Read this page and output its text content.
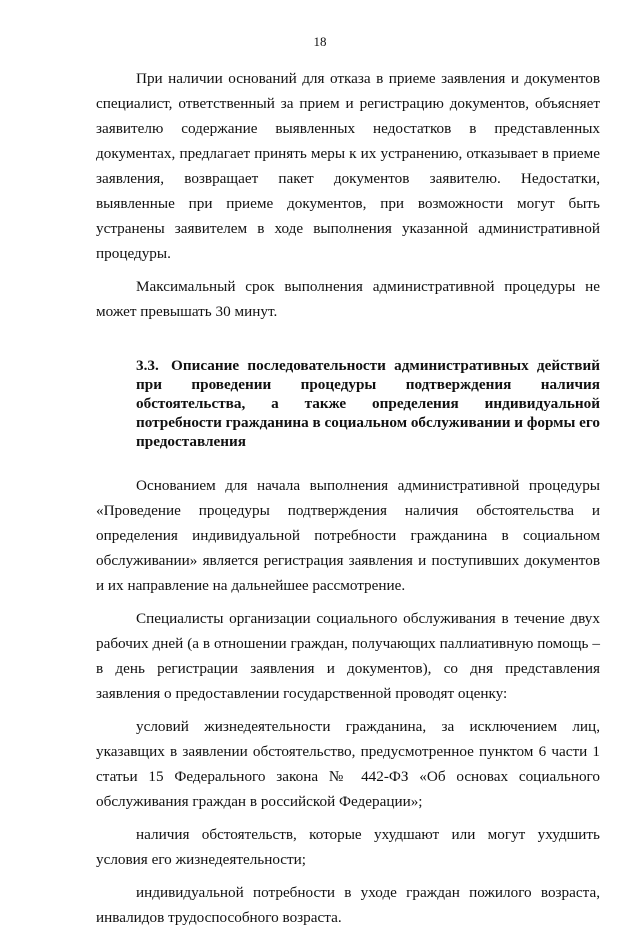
18

При наличии оснований для отказа в приеме заявления и документов специалист, ответственный за прием и регистрацию документов, объясняет заявителю содержание выявленных недостатков в представленных документах, предлагает принять меры к их устранению, отказывает в приеме заявления, возвращает пакет документов заявителю. Недостатки, выявленные при приеме документов, при возможности могут быть устранены заявителем в ходе выполнения указанной административной процедуры.

Максимальный срок выполнения административной процедуры не может превышать 30 минут.

3.3. Описание последовательности административных действий при проведении процедуры подтверждения наличия обстоятельства, а также определения индивидуальной потребности гражданина в социальном обслуживании и формы его предоставления

Основанием для начала выполнения административной процедуры «Проведение процедуры подтверждения наличия обстоятельства и определения индивидуальной потребности гражданина в социальном обслуживании» является регистрация заявления и поступивших документов и их направление на дальнейшее рассмотрение.

Специалисты организации социального обслуживания в течение двух рабочих дней (а в отношении граждан, получающих паллиативную помощь – в день регистрации заявления и документов), со дня представления заявления о предоставлении государственной проводят оценку:

условий жизнедеятельности гражданина, за исключением лиц, указавщих в заявлении обстоятельство, предусмотренное пунктом 6 части 1 статьи 15 Федерального закона № 442-ФЗ «Об основах социального обслуживания граждан в российской Федерации»;

наличия обстоятельств, которые ухудшают или могут ухудшить условия его жизнедеятельности;

индивидуальной потребности в уходе граждан пожилого возраста, инвалидов трудоспособного возраста.
